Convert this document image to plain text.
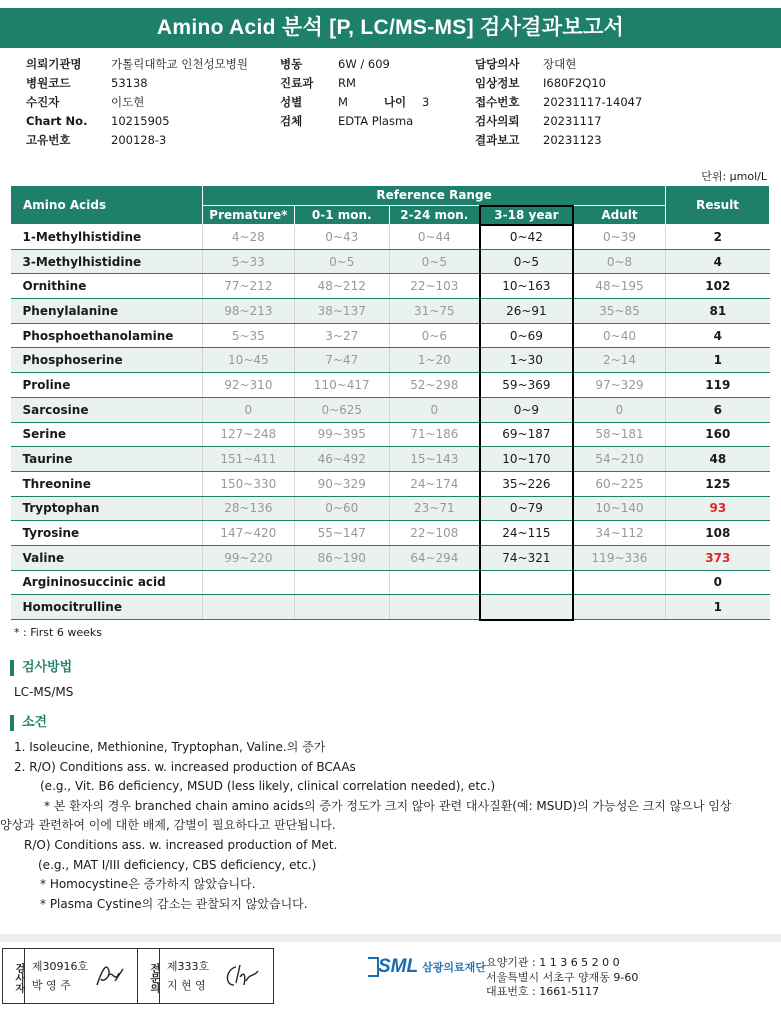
Amino Acid 분석 [P, LC/MS-MS] 검사결과보고서
의뢰기관명	가톨릭대학교 인천성모병원
병원코드	53138
수진자	이도현
Chart No.	10215905
고유번호	200128-3
병동	6W / 609
진료과	RM
성별	M	나이	3
검체	EDTA Plasma
담당의사	장대현
임상정보	I680F2Q10
접수번호	20231117-14047
검사의뢰	20231117
결과보고	20231123
단위: μmol/L
Amino Acids	Reference Range					Result
	Premature*	0-1 mon.	2-24 mon.	3-18 year	Adult	
1-Methylhistidine	4~28	0~43	0~44	0~42	0~39	2
3-Methylhistidine	5~33	0~5	0~5	0~5	0~8	4
Ornithine	77~212	48~212	22~103	10~163	48~195	102
Phenylalanine	98~213	38~137	31~75	26~91	35~85	81
Phosphoethanolamine	5~35	3~27	0~6	0~69	0~40	4
Phosphoserine	10~45	7~47	1~20	1~30	2~14	1
Proline	92~310	110~417	52~298	59~369	97~329	119
Sarcosine	0	0~625	0	0~9	0	6
Serine	127~248	99~395	71~186	69~187	58~181	160
Taurine	151~411	46~492	15~143	10~170	54~210	48
Threonine	150~330	90~329	24~174	35~226	60~225	125
Tryptophan	28~136	0~60	23~71	0~79	10~140	93
Tyrosine	147~420	55~147	22~108	24~115	34~112	108
Valine	99~220	86~190	64~294	74~321	119~336	373
Argininosuccinic acid						0
Homocitrulline						1
* : First 6 weeks
검사방법
LC-MS/MS
소견
1. Isoleucine, Methionine, Tryptophan, Valine.의 증가
2. R/O) Conditions ass. w. increased production of BCAAs
(e.g., Vit. B6 deficiency, MSUD (less likely, clinical correlation needed), etc.)
* 본 환자의 경우 branched chain amino acids의 증가 정도가 크지 않아 관련 대사질환(예: MSUD)의 가능성은 크지 않으나 임상
양상과 관련하여 이에 대한 배제, 감별이 필요하다고 판단됩니다.
R/O) Conditions ass. w. increased production of Met.
(e.g., MAT I/III deficiency, CBS deficiency, etc.)
* Homocystine은 증가하지 않았습니다.
* Plasma Cystine의 감소는 관찰되지 않았습니다.
검사자 제30916호
박 영 주	전문의 제333호
지 현 영
SML 삼광의료재단 요양기관 : 1 1 3 6 5 2 0 0
서울특별시 서초구 양재동 9-60
대표번호 : 1661-5117
